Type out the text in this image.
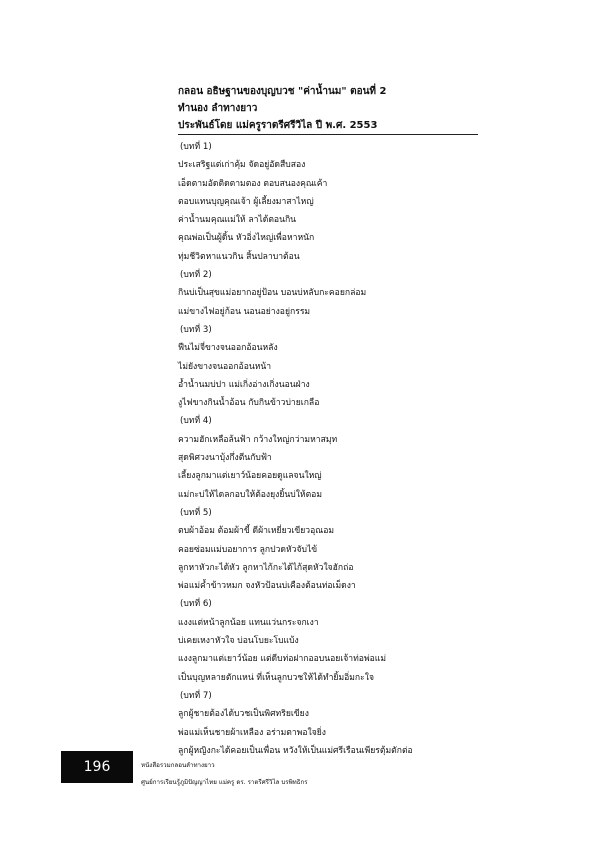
กลอน อธิษฐานของบุญบวช "ค่าน้ำนม" ตอนที่ 2
ทำนอง ลำทางยาว
ประพันธ์โดย แม่ครูราตรีศรีวิไล ปี พ.ศ. 2553
(บทที่ 1)
ประเสริฐแต่เก่าคุ้ม จัดอยู่อัดสืบสอง
เอ็ดตามอัดติดตามตอง ตอบสนองคุณเค้า
ตอบแทนบุญคุณเจ้า ผู้เลี้ยงมาสาไหญ่
ค่าน้ำนมคุณแม่ให้ ลาได้ตอนกิน
คุณพ่อเป็นผู้ดิ้น หัวอิ่งไหญ่เพื่อหาหนัก
ทุ่มชีวิตหาแนวกิน สิ้นปลาบาต้อน
(บทที่ 2)
กินบ่เป็นสุขแม่อยากอยู่ป้อน บอนบ่หลับกะคอยกล่อม
แม่ขางไฟอยู่ก้อน นอนอย่างอยู่กรรม
(บทที่ 3)
ฟืนไม่จี่ขางจนออกอ้อนหลัง
ไม่ยังขางจนออกอ้อนหน้า
อ้ำน้ำนมบ่ปา แม่เกิ่งอ่างเกิ่งนอนฝ่าง
งูไฟขางกินน้ำอ้อน กับกินข้าวบ่ายเกลือ
(บทที่ 4)
ความฮักเหลือล้นฟ้า กว้างใหญ่กว่ามหาสมุท
สุดพิศวงนาบุ้งกึ่งตีนกับฟ้า
เลี้ยงลูกมาแต่เยาว์น้อยคอยดูแลจนใหญ่
แม่กะบ่ให้ไดลกอบให้ต้องยุงยิ้นบ่ให้ตอม
(บทที่ 5)
ตบผ้าอ้อม ต้อมผ้าขี้ ดีผ้าเหยี่ยวเขียวอุณอม
คอยซ่อมแม่บอยาการ ลูกปวดหัวจับไข้
ลูกหาหัวกะได้หัว ลูกหาไก้กะได้ไก้สุดหัวใจฮักถ่อ
พ่อแม่ค้ำข้าวหมก จงหัวป้อนบ่เคืองต้อนท่อเม็ดงา
(บทที่ 6)
แงงแต่หน้าลูกน้อย แทนแว่นกระจกเงา
บ่เคยเหงาหัวใจ บ่อนโบยะโบแบ้ง
แงงลูกมาแต่เยาว์น้อย แต่ดีบท่อฝากออบนอยเจ้าท่อพ่อแม่
เป็นบุญหลายตักแหน่ ที่เห็นลูกบวชให้ได้ทำยิ้มอิ่มกะใจ
(บทที่ 7)
ลูกผู้ชายต้องได้บวชเป็นพิศทริยเขียง
พ่อแม่เห็นชายผ้าเหลือง อร่ามตาพอใจยิ่ง
ลูกผู้หญิงกะได้คอยเป็นเพื่อน หวังให้เป็นแม่ศรีเรือนเพียรตุ้มตักต่อ
196	หนังสือรวมกลอนลำทางยาว
ศูนย์การเรียนรู้ภูมิปัญญาไทย แม่ครู ดร. ราตรีศรีวิไล บรพิทธิกร
